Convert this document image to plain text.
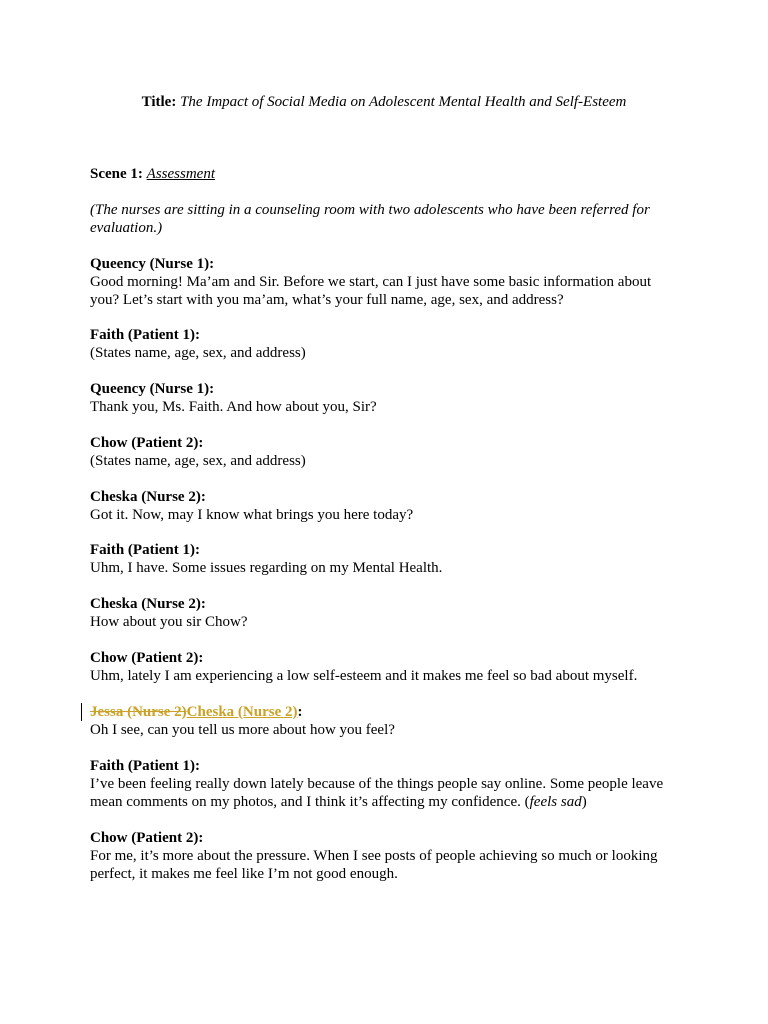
Title: The Impact of Social Media on Adolescent Mental Health and Self-Esteem
Scene 1: Assessment
(The nurses are sitting in a counseling room with two adolescents who have been referred for evaluation.)
Queency (Nurse 1):
Good morning! Ma’am and Sir. Before we start, can I just have some basic information about you? Let’s start with you ma’am, what’s your full name, age, sex, and address?
Faith (Patient 1):
(States name, age, sex, and address)
Queency (Nurse 1):
Thank you, Ms. Faith. And how about you, Sir?
Chow (Patient 2):
(States name, age, sex, and address)
Cheska (Nurse 2):
Got it. Now, may I know what brings you here today?
Faith (Patient 1):
Uhm, I have. Some issues regarding on my Mental Health.
Cheska (Nurse 2):
How about you sir Chow?
Chow (Patient 2):
Uhm, lately I am experiencing a low self-esteem and it makes me feel so bad about myself.
Jessa (Nurse 2)Cheska (Nurse 2):
Oh I see, can you tell us more about how you feel?
Faith (Patient 1):
I’ve been feeling really down lately because of the things people say online. Some people leave mean comments on my photos, and I think it’s affecting my confidence. (feels sad)
Chow (Patient 2):
For me, it’s more about the pressure. When I see posts of people achieving so much or looking perfect, it makes me feel like I’m not good enough.
